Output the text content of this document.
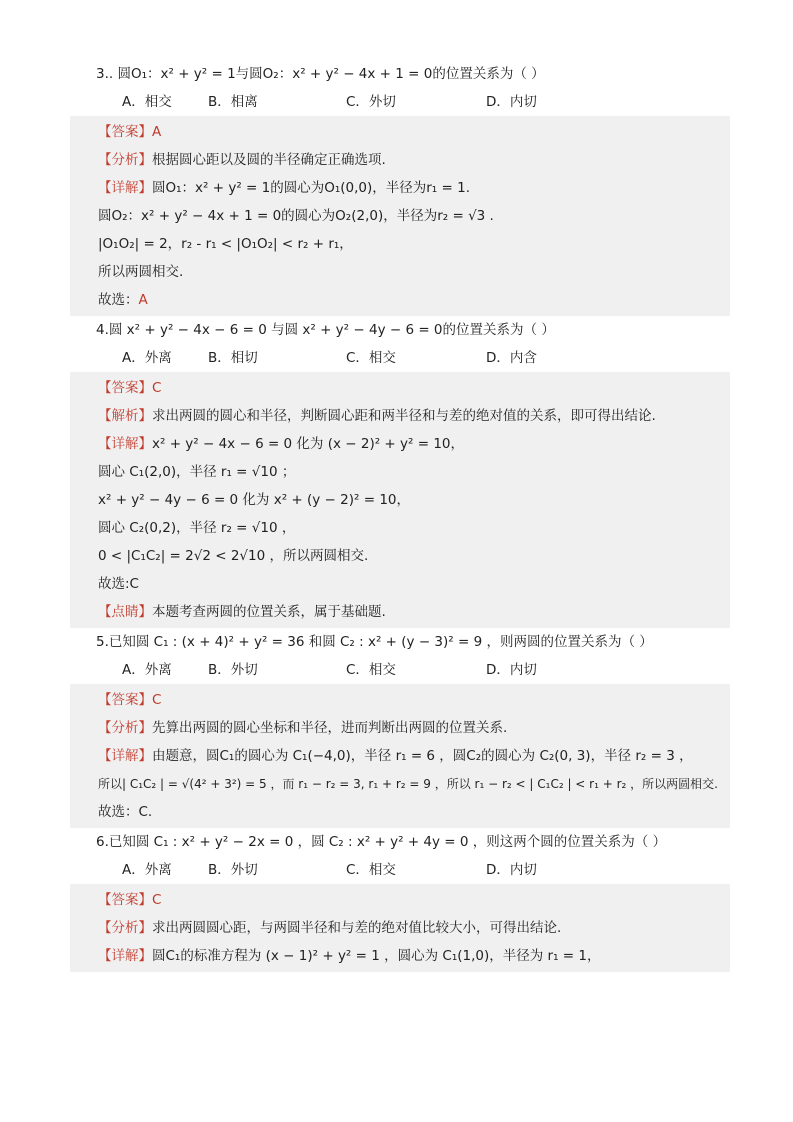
3.. 圆O₁：x² + y² = 1与圆O₂：x² + y² − 4x + 1 = 0的位置关系为（ ）
A．相交	B．相离	C．外切	D．内切
【答案】A
【分析】根据圆心距以及圆的半径确定正确选项.
【详解】圆O₁：x² + y² = 1的圆心为O₁(0,0)，半径为r₁ = 1.
圆O₂：x² + y² − 4x + 1 = 0的圆心为O₂(2,0)，半径为r₂ = √3 .
|O₁O₂| = 2，r₂ - r₁ < |O₁O₂| < r₂ + r₁，
所以两圆相交.
故选：A
4.圆 x² + y² − 4x − 6 = 0 与圆 x² + y² − 4y − 6 = 0的位置关系为（ ）
A．外离	B．相切	C．相交	D．内含
【答案】C
【解析】求出两圆的圆心和半径，判断圆心距和两半径和与差的绝对值的关系，即可得出结论.
【详解】x² + y² − 4x − 6 = 0 化为 (x − 2)² + y² = 10，
圆心 C₁(2,0)，半径 r₁ = √10 ；
x² + y² − 4y − 6 = 0 化为 x² + (y − 2)² = 10，
圆心 C₂(0,2)，半径 r₂ = √10 ，
0 < |C₁C₂| = 2√2 < 2√10 ，所以两圆相交.
故选:C
【点睛】本题考查两圆的位置关系，属于基础题.
5.已知圆 C₁ : (x + 4)² + y² = 36 和圆 C₂ : x² + (y − 3)² = 9 ，则两圆的位置关系为（ ）
A．外离	B．外切	C．相交	D．内切
【答案】C
【分析】先算出两圆的圆心坐标和半径，进而判断出两圆的位置关系.
【详解】由题意，圆C₁的圆心为 C₁(−4,0)，半径 r₁ = 6 ，圆C₂的圆心为 C₂(0, 3)，半径 r₂ = 3 ，
所以| C₁C₂ | = √(4² + 3²) = 5 ，而 r₁ − r₂ = 3, r₁ + r₂ = 9 ，所以 r₁ − r₂ < | C₁C₂ | < r₁ + r₂ ，所以两圆相交.
故选：C.
6.已知圆 C₁ : x² + y² − 2x = 0 ，圆 C₂ : x² + y² + 4y = 0 ，则这两个圆的位置关系为（ ）
A．外离	B．外切	C．相交	D．内切
【答案】C
【分析】求出两圆圆心距，与两圆半径和与差的绝对值比较大小，可得出结论.
【详解】圆C₁的标准方程为 (x − 1)² + y² = 1 ，圆心为 C₁(1,0)，半径为 r₁ = 1，
